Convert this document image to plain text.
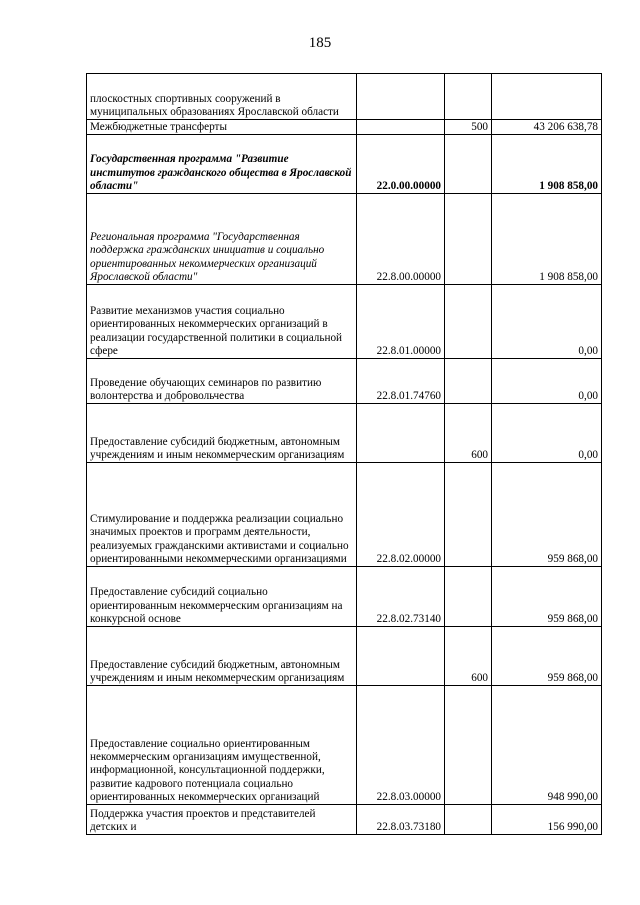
185
плоскостных спортивных сооружений в муниципальных образованиях Ярославской области			
Межбюджетные трансферты		500	43 206 638,78
Государственная программа "Развитие институтов гражданского общества в Ярославской области"	22.0.00.00000		1 908 858,00
Региональная программа "Государственная поддержка гражданских инициатив и социально ориентированных некоммерческих организаций Ярославской области"	22.8.00.00000		1 908 858,00
Развитие механизмов участия социально ориентированных некоммерческих организаций в реализации государственной политики в социальной сфере	22.8.01.00000		0,00
Проведение обучающих семинаров по развитию волонтерства и добровольчества	22.8.01.74760		0,00
Предоставление субсидий бюджетным, автономным учреждениям и иным некоммерческим организациям		600	0,00
Стимулирование и поддержка реализации социально значимых проектов и программ деятельности, реализуемых гражданскими активистами и социально ориентированными некоммерческими организациями	22.8.02.00000		959 868,00
Предоставление субсидий социально ориентированным некоммерческим организациям на конкурсной основе	22.8.02.73140		959 868,00
Предоставление субсидий бюджетным, автономным учреждениям и иным некоммерческим организациям		600	959 868,00
Предоставление социально ориентированным некоммерческим организациям имущественной, информационной, консультационной поддержки, развитие кадрового потенциала социально ориентированных некоммерческих организаций	22.8.03.00000		948 990,00
Поддержка участия проектов и представителей детских и	22.8.03.73180		156 990,00
